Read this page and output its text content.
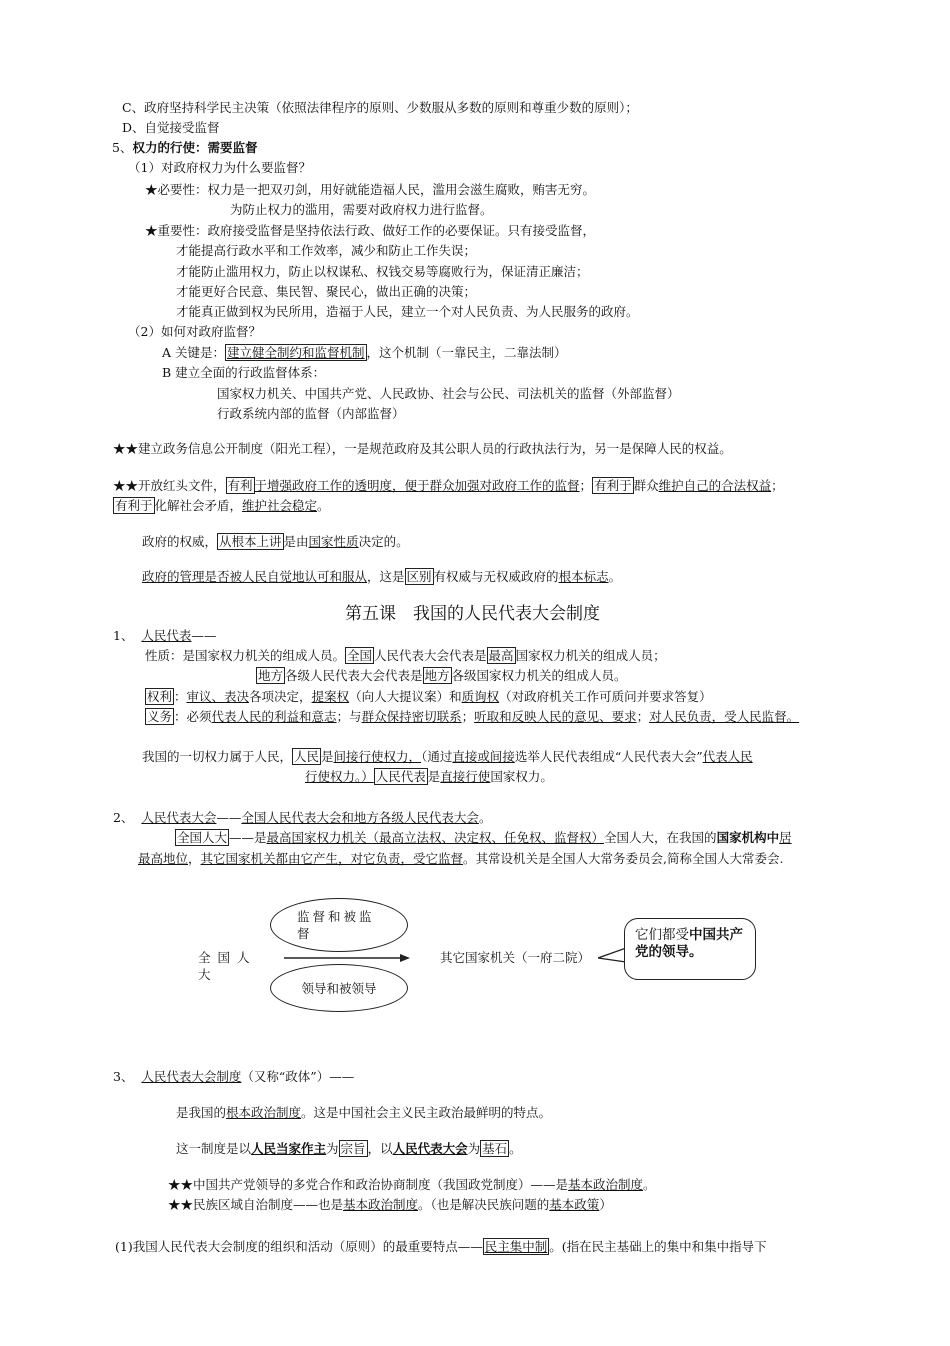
C、政府坚持科学民主决策（依照法律程序的原则、少数服从多数的原则和尊重少数的原则）；
D、自觉接受监督
5、权力的行使：需要监督
（1）对政府权力为什么要监督？
★必要性：权力是一把双刃剑，用好就能造福人民，滥用会滋生腐败，贿害无穷。
为防止权力的滥用，需要对政府权力进行监督。
★重要性：政府接受监督是坚持依法行政、做好工作的必要保证。只有接受监督，
才能提高行政水平和工作效率，减少和防止工作失误；
才能防止滥用权力，防止以权谋私、权钱交易等腐败行为，保证清正廉洁；
才能更好合民意、集民智、聚民心，做出正确的决策；
才能真正做到权为民所用，造福于人民，建立一个对人民负责、为人民服务的政府。
（2）如何对政府监督？
A 关键是： 建立健全制约和监督机制 ，这个机制（一靠民主，二靠法制）
B 建立全面的行政监督体系：
国家权力机关、中国共产党、人民政协、社会与公民、司法机关的监督（外部监督）
行政系统内部的监督（内部监督）
★★建立政务信息公开制度（阳光工程），一是规范政府及其公职人员的行政执法行为，另一是保障人民的权益。
★★开放红头文件， 有利 于增强政府工作的透明度，便于群众加强对政府工作的监督； 有利于 群众维护自己的合法权益；
有利于 化解社会矛盾，维护社会稳定。
政府的权威， 从根本上讲 是由国家性质决定的。
政府的管理是否被人民自觉地认可和服从，这是 区别 有权威与无权威政府的根本标志。
第五课　我国的人民代表大会制度
1、 人民代表——
性质：是国家权力机关的组成人员。 全国 人民代表大会代表是 最高 国家权力机关的组成人员；
地方 各级人民代表大会代表是 地方 各级国家权力机关的组成人员。
权利 ：审议、表决各项决定，提案权（向人大提议案）和质询权（对政府机关工作可质问并要求答复）
义务 ：必须代表人民的利益和意志；与群众保持密切联系；听取和反映人民的意见、要求；对人民负责，受人民监督。
我国的一切权力属于人民， 人民 是间接行使权力，（通过直接或间接选举人民代表组成“人民代表大会”代表人民
行使权力。） 人民代表 是直接行使国家权力。
2、 人民代表大会——全国人民代表大会和地方各级人民代表大会。
全国人大 ——是最高国家权力机关（最高立法权、决定权、任免权、监督权）全国人大，在我国的国家机构中居
最高地位，其它国家机关都由它产生，对它负责，受它监督。其常设机关是全国人大常务委员会,简称全国人大常委会.
监督和被监督
领导和被领导
全国人大
其它国家机关（一府二院）
它们都受中国共产党的领导。
3、 人民代表大会制度（又称“政体”）——
是我国的根本政治制度。这是中国社会主义民主政治最鲜明的特点。
这一制度是以人民当家作主为 宗旨 ，以人民代表大会为 基石 。
★★中国共产党领导的多党合作和政治协商制度（我国政党制度）——是基本政治制度。
★★民族区域自治制度——也是基本政治制度。（也是解决民族问题的基本政策）
(1)我国人民代表大会制度的组织和活动（原则）的最重要特点—— 民主集中制 。(指在民主基础上的集中和集中指导下
